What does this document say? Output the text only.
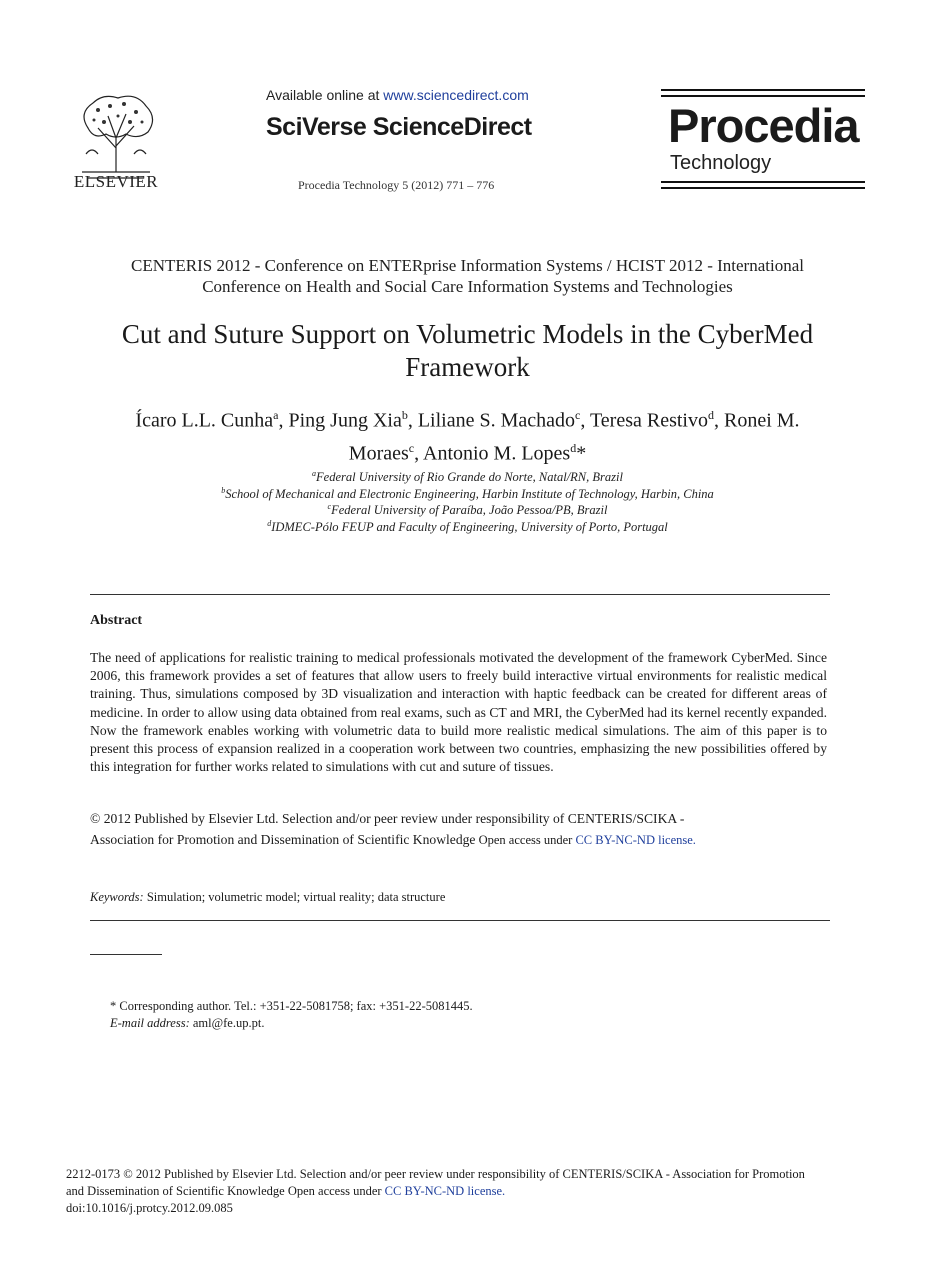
ELSEVIER
Available online at www.sciencedirect.com
SciVerse ScienceDirect
Procedia Technology 5 (2012) 771 – 776
Procedia
Technology
CENTERIS 2012 - Conference on ENTERprise Information Systems / HCIST 2012 - International
Conference on Health and Social Care Information Systems and Technologies
Cut and Suture Support on Volumetric Models in the CyberMed
Framework
Ícaro L.L. Cunha$^a$, Ping Jung Xia$^b$, Liliane S. Machado$^c$, Teresa Restivo$^d$, Ronei M.
Moraes$^c$, Antonio M. Lopes$^d$*
$^a$Federal University of Rio Grande do Norte, Natal/RN, Brazil
$^b$School of Mechanical and Electronic Engineering, Harbin Institute of Technology, Harbin, China
$^c$Federal University of Paraíba, João Pessoa/PB, Brazil
$^d$IDMEC-Pólo FEUP and Faculty of Engineering, University of Porto, Portugal
Abstract
The need of applications for realistic training to medical professionals motivated the development of the framework CyberMed. Since 2006, this framework provides a set of features that allow users to freely build interactive virtual environments for realistic medical training. Thus, simulations composed by 3D visualization and interaction with haptic feedback can be created for different areas of medicine. In order to allow using data obtained from real exams, such as CT and MRI, the CyberMed had its kernel recently expanded. Now the framework enables working with volumetric data to build more realistic medical simulations. The aim of this paper is to present this process of expansion realized in a cooperation work between two countries, emphasizing the new possibilities offered by this integration for further works related to simulations with cut and suture of tissues.
© 2012 Published by Elsevier Ltd. Selection and/or peer review under responsibility of CENTERIS/SCIKA -
Association for Promotion and Dissemination of Scientific Knowledge Open access under CC BY-NC-ND license.
Keywords: Simulation; volumetric model; virtual reality; data structure
* Corresponding author. Tel.: +351-22-5081758; fax: +351-22-5081445.
E-mail address: aml@fe.up.pt.
2212-0173 © 2012 Published by Elsevier Ltd. Selection and/or peer review under responsibility of CENTERIS/SCIKA - Association for Promotion
and Dissemination of Scientific Knowledge Open access under CC BY-NC-ND license.
doi:10.1016/j.protcy.2012.09.085
